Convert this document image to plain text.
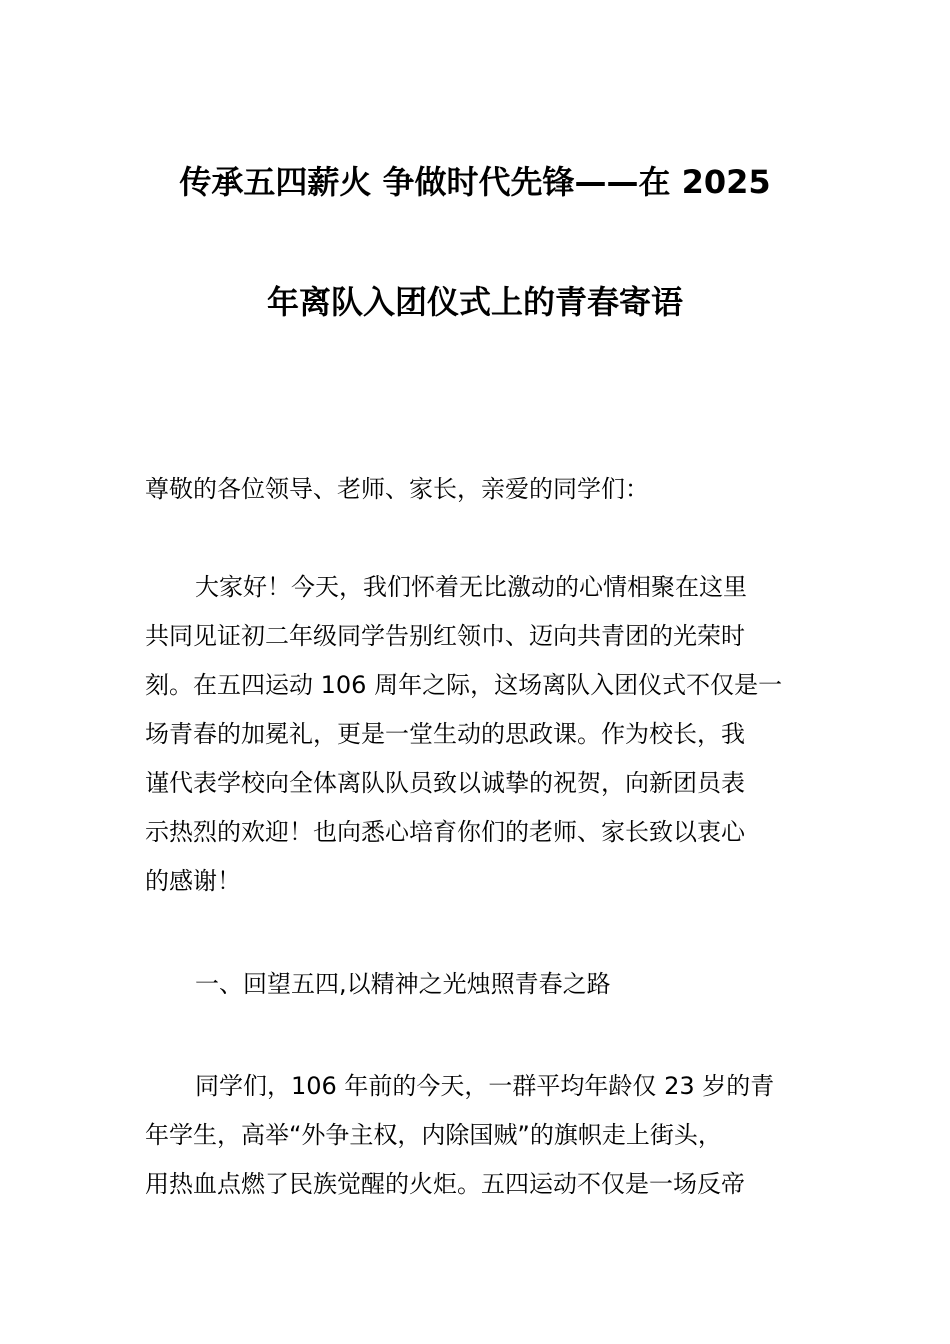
传承五四薪火 争做时代先锋——在 2025
年离队入团仪式上的青春寄语
尊敬的各位领导、老师、家长，亲爱的同学们：
大家好！今天，我们怀着无比激动的心情相聚在这里
共同见证初二年级同学告别红领巾、迈向共青团的光荣时
刻。在五四运动 106 周年之际，这场离队入团仪式不仅是一
场青春的加冕礼，更是一堂生动的思政课。作为校长，我
谨代表学校向全体离队队员致以诚挚的祝贺，向新团员表
示热烈的欢迎！也向悉心培育你们的老师、家长致以衷心
的感谢！
一、回望五四,以精神之光烛照青春之路
同学们，106 年前的今天，一群平均年龄仅 23 岁的青
年学生，高举“外争主权，内除国贼”的旗帜走上街头，
用热血点燃了民族觉醒的火炬。五四运动不仅是一场反帝
